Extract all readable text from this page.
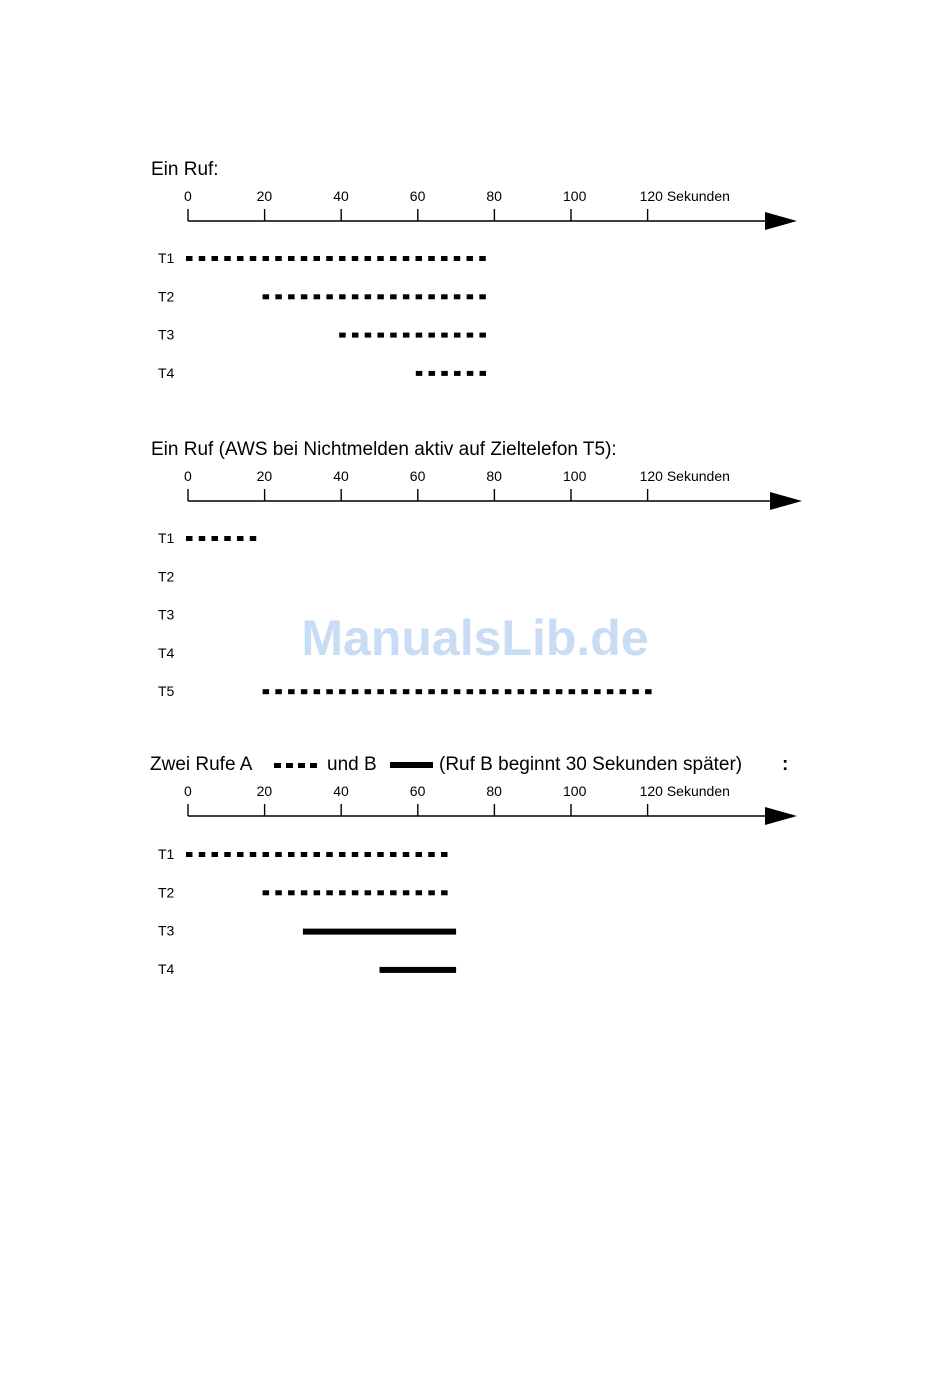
Ein Ruf:
0	20	40	60	80	100	120 Sekunden
T1
T2
T3
T4
Ein Ruf (AWS bei Nichtmelden aktiv auf Zieltelefon T5):
0	20	40	60	80	100	120 Sekunden
T1
T2
T3
T4
T5
Zwei Rufe A	und B	(Ruf B beginnt 30 Sekunden später) :
0	20	40	60	80	100	120 Sekunden
T1
T2
T3
T4
ManualsLib.de
